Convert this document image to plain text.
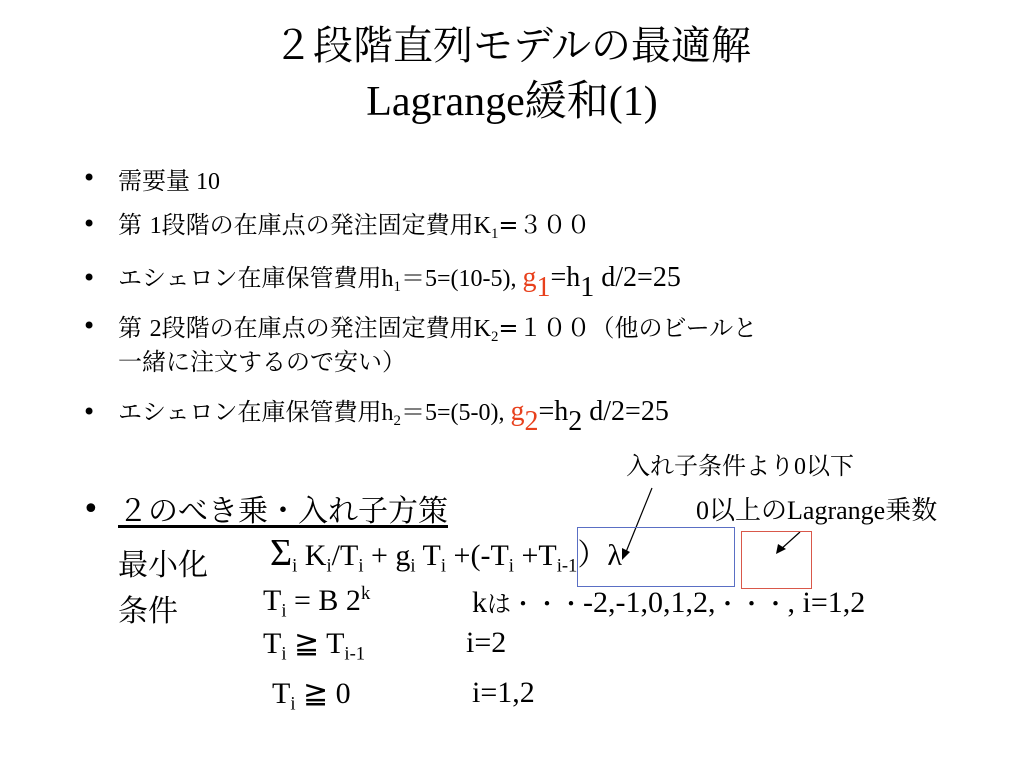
２段階直列モデルの最適解
Lagrange緩和(1)
• 需要量 10
• 第 1段階の在庫点の発注固定費用$K_1=300$
• エシェロン在庫保管費用$h_1=5=(10-5)$, $g_1=h_1$ d/2=25
• 第 2段階の在庫点の発注固定費用$K_2=100$（他のビールと
一緒に注文するので安い）
• エシェロン在庫保管費用$h_2=5=(5-0)$, $g_2=h_2$ d/2=25
入れ子条件より0以下
• ２のべき乗・入れ子方策	0以上のLagrange乗数
最小化 $\Sigma_i$ $K_i/T_i + g_i$ $T_i +(-T_i +T_{i-1})\lambda$
条件	$T_i = B$ 2$^k$	kは・・・-2,-1,0,1,2,・・・, i=1,2
$T_i$ ≧ $T_{i-1}$	i=2
$T_i$ ≧ 0	i=1,2
